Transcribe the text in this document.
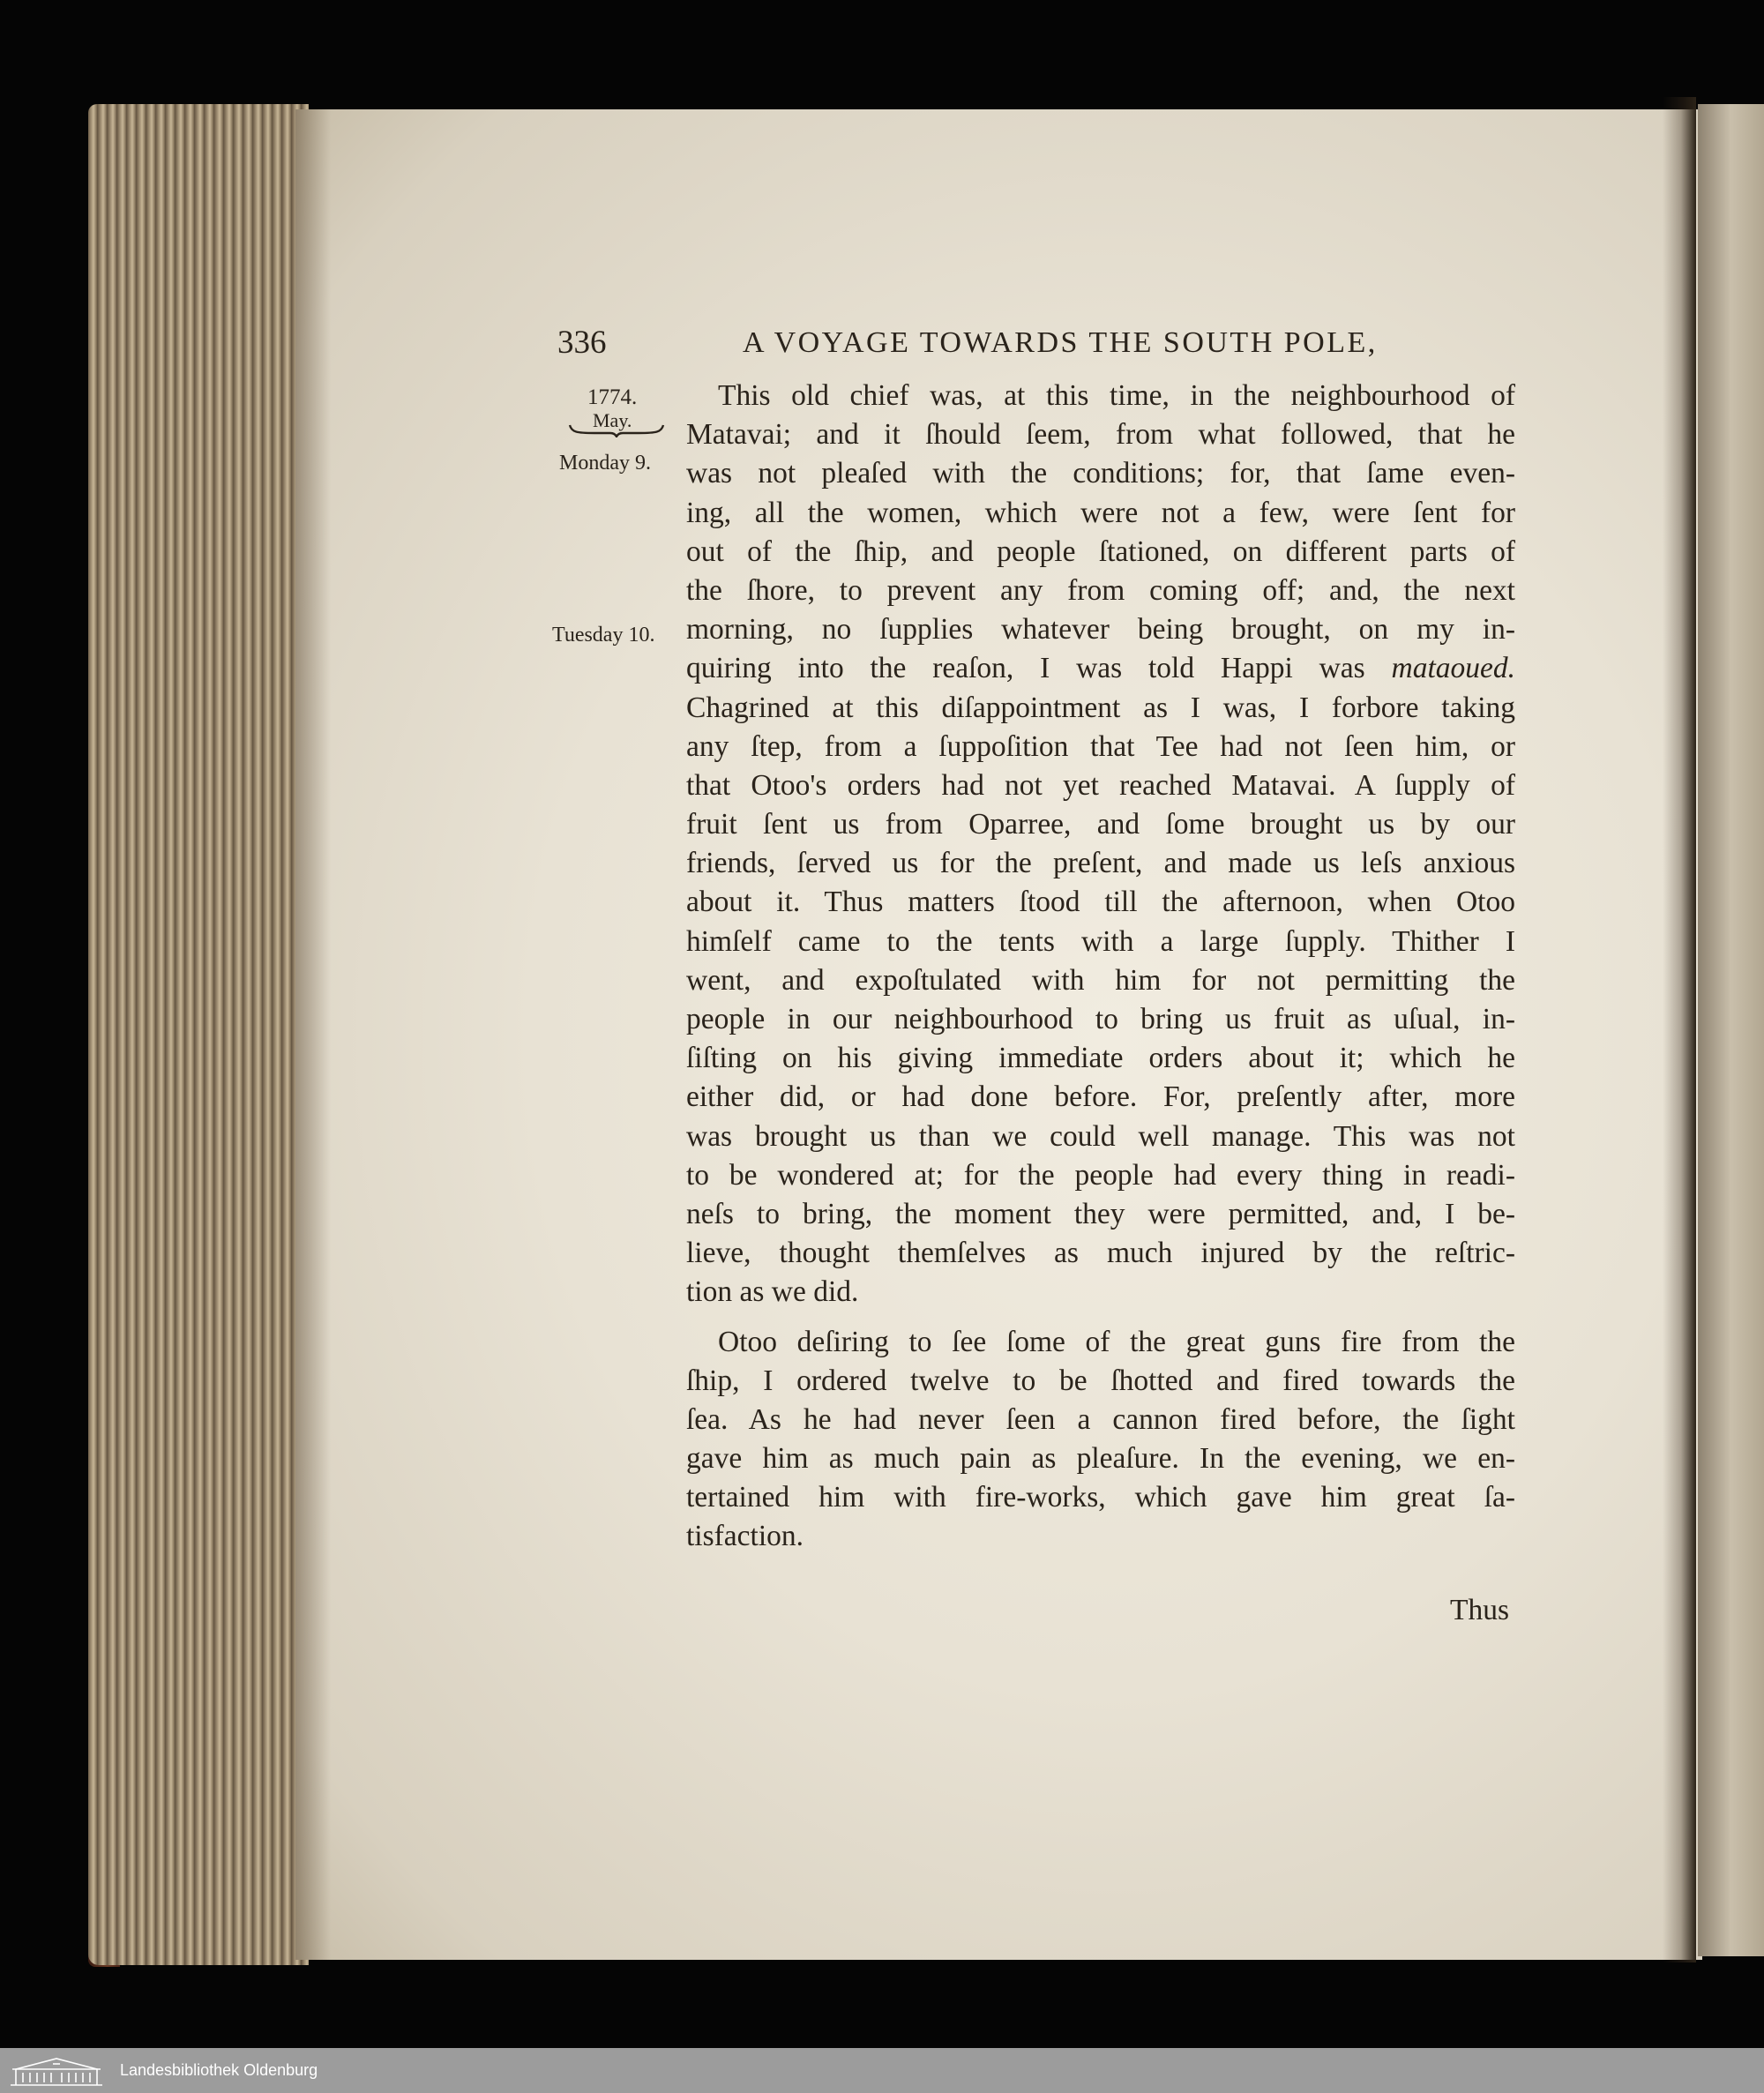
336	A VOYAGE TOWARDS THE SOUTH POLE,
1774.
May.
Monday 9.
Tuesday 10.

This old chief was, at this time, in the neighbourhood of
Matavai; and it ſhould ſeem, from what followed, that he
was not pleaſed with the conditions; for, that ſame even-
ing, all the women, which were not a few, were ſent for
out of the ſhip, and people ſtationed, on different parts of
the ſhore, to prevent any from coming off; and, the next
morning, no ſupplies whatever being brought, on my in-
quiring into the reaſon, I was told Happi was mataoued.
Chagrined at this diſappointment as I was, I forbore taking
any ſtep, from a ſuppoſition that Tee had not ſeen him, or
that Otoo's orders had not yet reached Matavai. A ſupply of
fruit ſent us from Oparree, and ſome brought us by our
friends, ſerved us for the preſent, and made us leſs anxious
about it. Thus matters ſtood till the afternoon, when Otoo
himſelf came to the tents with a large ſupply. Thither I
went, and expoſtulated with him for not permitting the
people in our neighbourhood to bring us fruit as uſual, in-
ſiſting on his giving immediate orders about it; which he
either did, or had done before. For, preſently after, more
was brought us than we could well manage. This was not
to be wondered at; for the people had every thing in readi-
neſs to bring, the moment they were permitted, and, I be-
lieve, thought themſelves as much injured by the reſtric-
tion as we did.

Otoo deſiring to ſee ſome of the great guns fire from the
ſhip, I ordered twelve to be ſhotted and fired towards the
ſea. As he had never ſeen a cannon fired before, the ſight
gave him as much pain as pleaſure. In the evening, we en-
tertained him with fire-works, which gave him great ſa-
tisfaction.

Thus
Landesbibliothek Oldenburg
